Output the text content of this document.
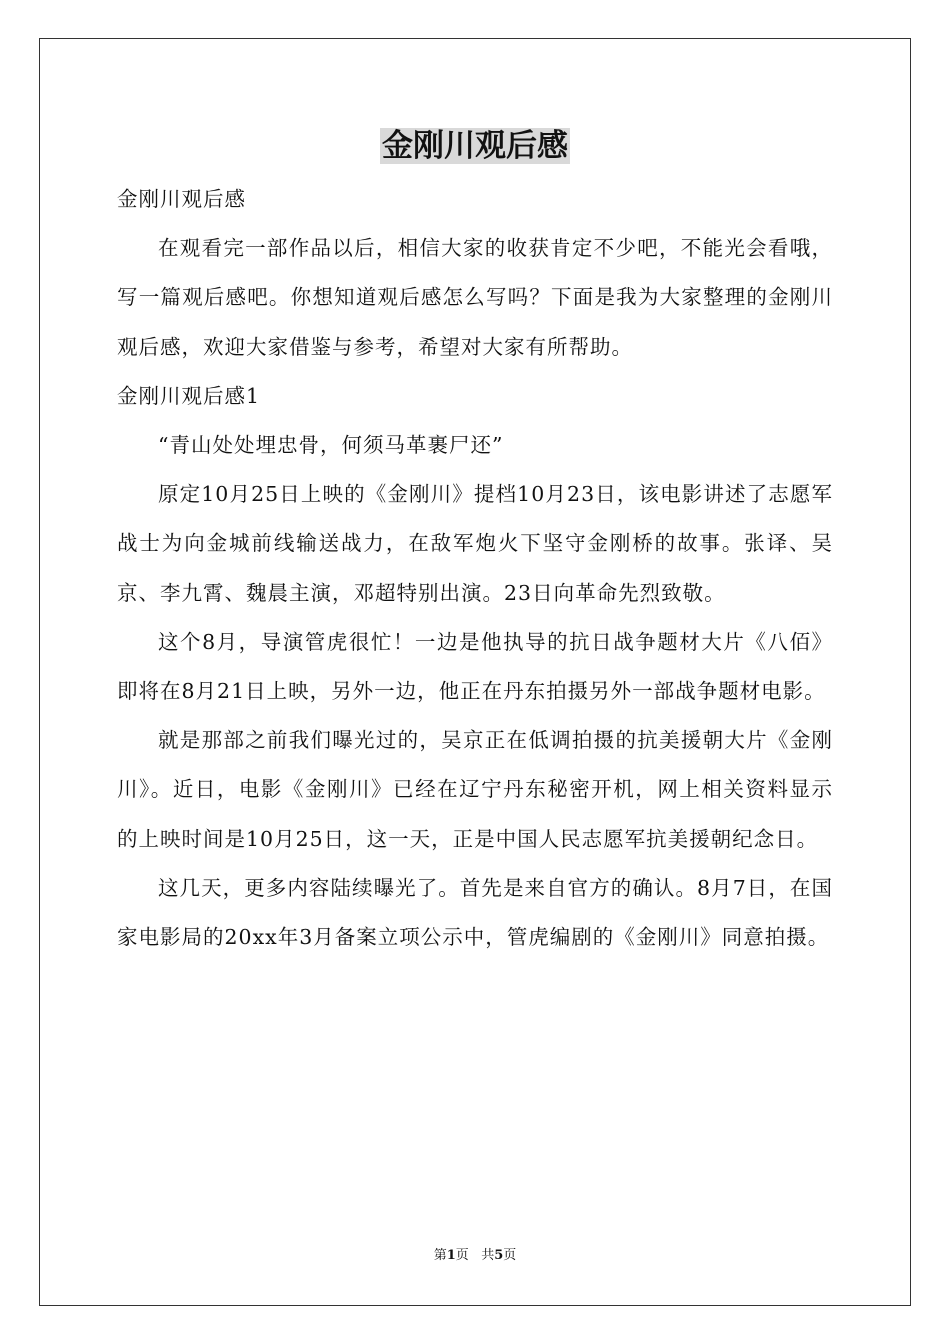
金刚川观后感

金刚川观后感

在观看完一部作品以后，相信大家的收获肯定不少吧，不能光会看哦，写一篇观后感吧。你想知道观后感怎么写吗？下面是我为大家整理的金刚川观后感，欢迎大家借鉴与参考，希望对大家有所帮助。

金刚川观后感1

“青山处处埋忠骨，何须马革裹尸还”

原定10月25日上映的《金刚川》提档10月23日，该电影讲述了志愿军战士为向金城前线输送战力，在敌军炮火下坚守金刚桥的故事。张译、吴京、李九霄、魏晨主演，邓超特别出演。23日向革命先烈致敬。

这个8月，导演管虎很忙！一边是他执导的抗日战争题材大片《八佰》即将在8月21日上映，另外一边，他正在丹东拍摄另外一部战争题材电影。

就是那部之前我们曝光过的，吴京正在低调拍摄的抗美援朝大片《金刚川》。近日，电影《金刚川》已经在辽宁丹东秘密开机，网上相关资料显示的上映时间是10月25日，这一天，正是中国人民志愿军抗美援朝纪念日。

这几天，更多内容陆续曝光了。首先是来自官方的确认。8月7日，在国家电影局的20xx年3月备案立项公示中，管虎编剧的《金刚川》同意拍摄。

第1页 共5页
